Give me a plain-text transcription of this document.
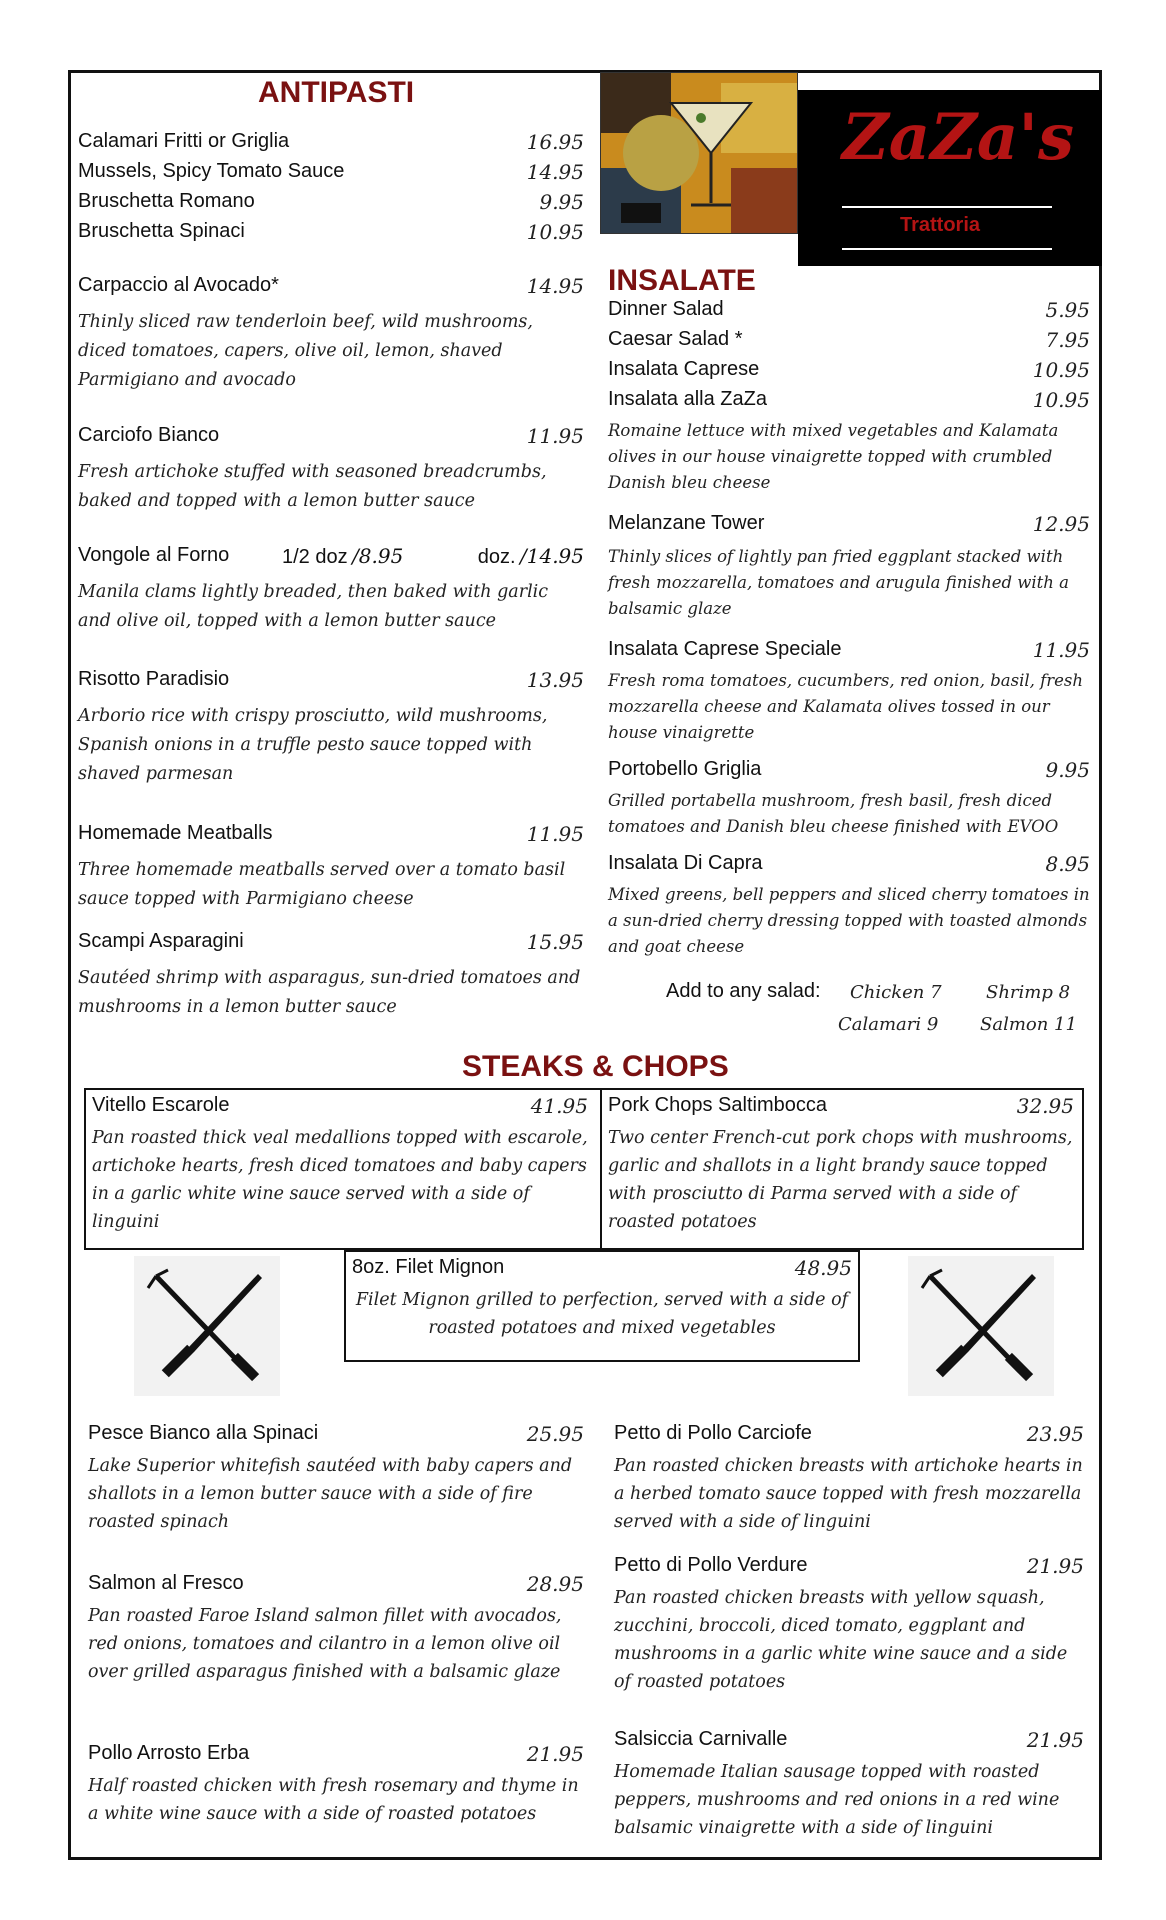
ANTIPASTI
Calamari Fritti or Griglia	16.95
Mussels, Spicy Tomato Sauce	14.95
Bruschetta Romano	9.95
Bruschetta Spinaci	10.95
Carpaccio al Avocado*	14.95
Thinly sliced raw tenderloin beef, wild mushrooms, diced tomatoes, capers, olive oil, lemon, shaved Parmigiano and avocado
Carciofo Bianco	11.95
Fresh artichoke stuffed with seasoned breadcrumbs, baked and topped with a lemon butter sauce
Vongole al Forno	1/2 doz /8.95	doz. /14.95
Manila clams lightly breaded, then baked with garlic and olive oil, topped with a lemon butter sauce
Risotto Paradisio	13.95
Arborio rice with crispy prosciutto, wild mushrooms, Spanish onions in a truffle pesto sauce topped with shaved parmesan
Homemade Meatballs	11.95
Three homemade meatballs served over a tomato basil sauce topped with Parmigiano cheese
Scampi Asparagini	15.95
Sautéed shrimp with asparagus, sun-dried tomatoes and mushrooms in a lemon butter sauce
ZaZa's
Trattoria
INSALATE
Dinner Salad	5.95
Caesar Salad *	7.95
Insalata Caprese	10.95
Insalata alla ZaZa	10.95
Romaine lettuce with mixed vegetables and Kalamata olives in our house vinaigrette topped with crumbled Danish bleu cheese
Melanzane Tower	12.95
Thinly slices of lightly pan fried eggplant stacked with fresh mozzarella, tomatoes and arugula finished with a balsamic glaze
Insalata Caprese Speciale	11.95
Fresh roma tomatoes, cucumbers, red onion, basil, fresh mozzarella cheese and Kalamata olives tossed in our house vinaigrette
Portobello Griglia	9.95
Grilled portabella mushroom, fresh basil, fresh diced tomatoes and Danish bleu cheese finished with EVOO
Insalata Di Capra	8.95
Mixed greens, bell peppers and sliced cherry tomatoes in a sun-dried cherry dressing topped with toasted almonds and goat cheese
Add to any salad: Chicken 7 Shrimp 8
Calamari 9 Salmon 11
STEAKS & CHOPS
Vitello Escarole	41.95
Pan roasted thick veal medallions topped with escarole, artichoke hearts, fresh diced tomatoes and baby capers in a garlic white wine sauce served with a side of linguini
Pork Chops Saltimbocca	32.95
Two center French-cut pork chops with mushrooms, garlic and shallots in a light brandy sauce topped with prosciutto di Parma served with a side of roasted potatoes
8oz. Filet Mignon	48.95
Filet Mignon grilled to perfection, served with a side of roasted potatoes and mixed vegetables
Pesce Bianco alla Spinaci	25.95
Lake Superior whitefish sautéed with baby capers and shallots in a lemon butter sauce with a side of fire roasted spinach
Salmon al Fresco	28.95
Pan roasted Faroe Island salmon fillet with avocados, red onions, tomatoes and cilantro in a lemon olive oil over grilled asparagus finished with a balsamic glaze
Pollo Arrosto Erba	21.95
Half roasted chicken with fresh rosemary and thyme in a white wine sauce with a side of roasted potatoes
Petto di Pollo Carciofe	23.95
Pan roasted chicken breasts with artichoke hearts in a herbed tomato sauce topped with fresh mozzarella served with a side of linguini
Petto di Pollo Verdure	21.95
Pan roasted chicken breasts with yellow squash, zucchini, broccoli, diced tomato, eggplant and mushrooms in a garlic white wine sauce and a side of roasted potatoes
Salsiccia Carnivalle	21.95
Homemade Italian sausage topped with roasted peppers, mushrooms and red onions in a red wine balsamic vinaigrette with a side of linguini
